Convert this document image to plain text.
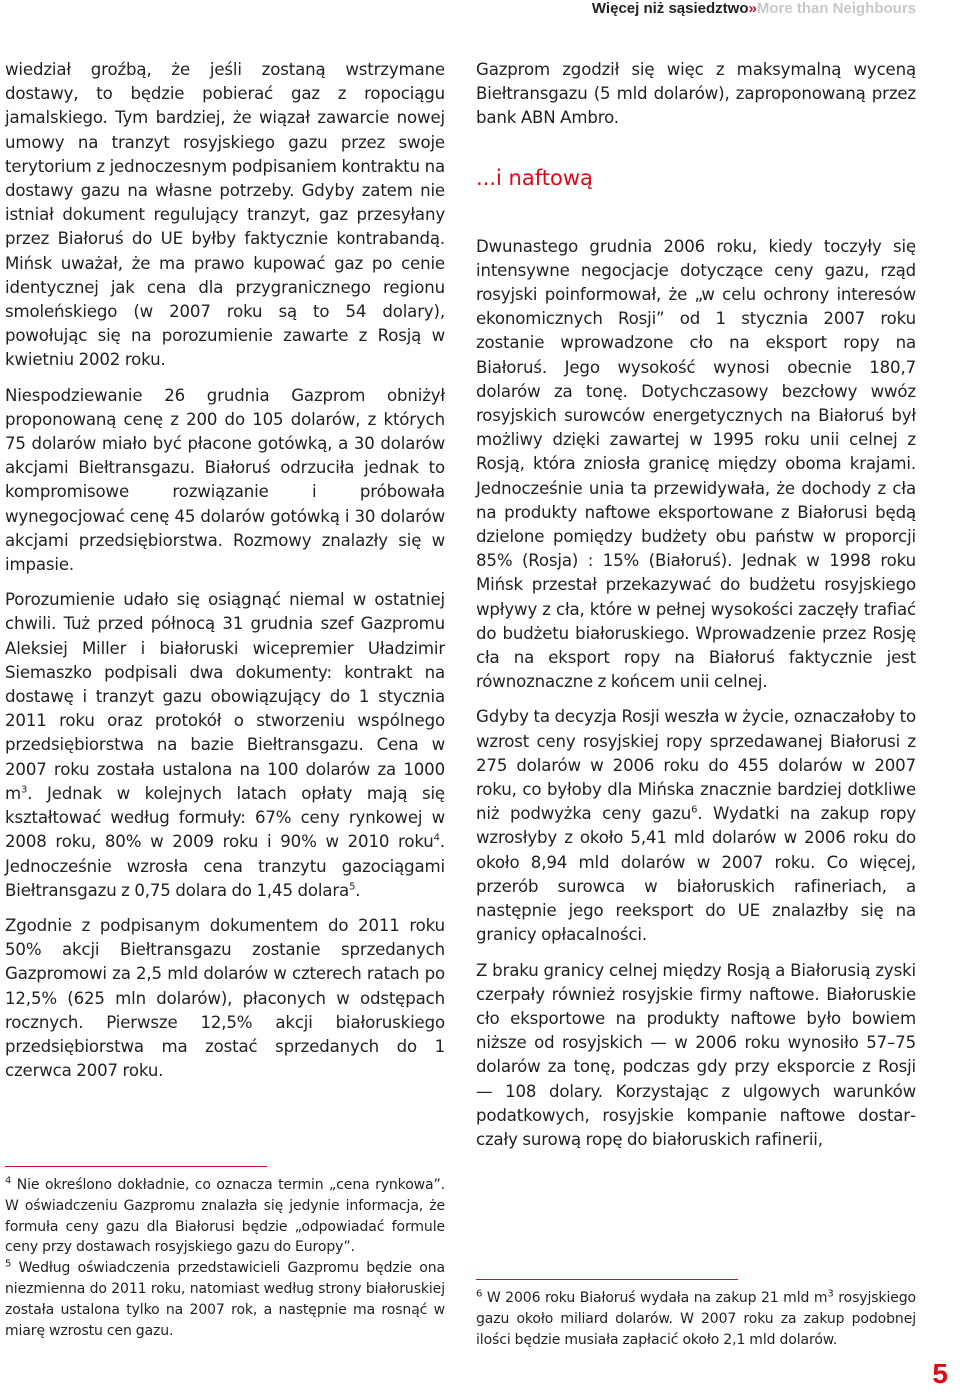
Więcej niż sąsiedztwo»More than Neighbours

wiedział groźbą, że jeśli zostaną wstrzymane dostawy, to będzie pobierać gaz z ropociągu jamalskiego. Tym bardziej, że wiązał zawarcie nowej umowy na tranzyt rosyjskiego gazu przez swoje terytorium z jednoczesnym podpisaniem kontraktu na dostawy gazu na własne potrzeby. Gdyby zatem nie istniał dokument regulujący tranzyt, gaz przesyłany przez Białoruś do UE byłby faktycznie kontrabandą. Mińsk uważał, że ma prawo kupować gaz po cenie identycznej jak cena dla przygranicznego regionu smoleńskiego (w 2007 roku są to 54 dolary), powołując się na porozumienie zawarte z Rosją w kwietniu 2002 roku.

Niespodziewanie 26 grudnia Gazprom obniżył proponowaną cenę z 200 do 105 dolarów, z których 75 dolarów miało być płacone gotówką, a 30 dolarów akcjami Biełtransgazu. Białoruś odrzuciła jednak to kompromisowe rozwiązanie i próbowała wynegocjować cenę 45 dolarów gotówką i 30 dolarów akcjami przedsiębiorstwa. Rozmowy znalazły się w impasie.

Porozumienie udało się osiągnąć niemal w ostatniej chwili. Tuż przed północą 31 grudnia szef Gazpromu Aleksiej Miller i białoruski wicepremier Uładzimir Siemaszko podpisali dwa dokumenty: kontrakt na dostawę i tranzyt gazu obowiązujący do 1 stycznia 2011 roku oraz protokół o stworzeniu wspólnego przedsiębiorstwa na bazie Biełtransgazu. Cena w 2007 roku została ustalona na 100 dolarów za 1000 $m^3$. Jednak w kolejnych latach opłaty mają się kształtować według formuły: 67% ceny rynkowej w 2008 roku, 80% w 2009 roku i 90% w 2010 roku$^4$. Jednocześnie wzrosła cena tranzytu gazociągami Biełtransgazu z 0,75 dolara do 1,45 dolara$^5$.

Zgodnie z podpisanym dokumentem do 2011 roku 50% akcji Biełtransgazu zostanie sprzedanych Gazpromowi za 2,5 mld dolarów w czterech ratach po 12,5% (625 mln dolarów), płaconych w odstępach rocznych. Pierwsze 12,5% akcji białoruskiego przedsiębiorstwa ma zostać sprzedanych do 1 czerwca 2007 roku.

$^4$ Nie określono dokładnie, co oznacza termin „cena rynkowa”. W oświadczeniu Gazpromu znalazła się jedynie informacja, że formuła ceny gazu dla Białorusi będzie „odpowiadać formule ceny przy dostawach rosyjskiego gazu do Europy”.

$^5$ Według oświadczenia przedstawicieli Gazpromu będzie ona niezmienna do 2011 roku, natomiast według strony białoruskiej została ustalona tylko na 2007 rok, a następnie ma rosnąć w miarę wzrostu cen gazu.

Gazprom zgodził się więc z maksymalną wyceną Biełtransgazu (5 mld dolarów), zaproponowaną przez bank ABN Ambro.

...i naftową

Dwunastego grudnia 2006 roku, kiedy toczyły się intensywne negocjacje dotyczące ceny gazu, rząd rosyjski poinformował, że „w celu ochrony interesów ekonomicznych Rosji” od 1 stycznia 2007 roku zostanie wprowadzone cło na eksport ropy na Białoruś. Jego wysokość wynosi obecnie 180,7 dolarów za tonę. Dotychczasowy bezcłowy wwóz rosyjskich surowców energetycznych na Białoruś był możliwy dzięki zawartej w 1995 roku unii celnej z Rosją, która zniosła granicę między oboma krajami. Jednocześnie unia ta przewidywała, że dochody z cła na produkty naftowe eksportowane z Białorusi będą dzielone pomiędzy budżety obu państw w proporcji 85% (Rosja) : 15% (Białoruś). Jednak w 1998 roku Mińsk przestał przekazywać do budżetu rosyjskiego wpływy z cła, które w pełnej wysokości zaczęły trafiać do budżetu białoruskiego. Wprowadzenie przez Rosję cła na eksport ropy na Białoruś faktycznie jest równoznaczne z końcem unii celnej.

Gdyby ta decyzja Rosji weszła w życie, oznaczałoby to wzrost ceny rosyjskiej ropy sprzedawanej Białorusi z 275 dolarów w 2006 roku do 455 dolarów w 2007 roku, co byłoby dla Mińska znacznie bardziej dotkliwe niż podwyżka ceny gazu$^6$. Wydatki na zakup ropy wzrosłyby z około 5,41 mld dolarów w 2006 roku do około 8,94 mld dolarów w 2007 roku. Co więcej, przerób surowca w białoruskich rafineriach, a następnie jego reeksport do UE znalazłby się na granicy opłacalności.

Z braku granicy celnej między Rosją a Białorusią zyski czerpały również rosyjskie firmy naftowe. Białoruskie cło eksportowe na produkty naftowe było bowiem niższe od rosyjskich — w 2006 roku wynosiło 57–75 dolarów za tonę, podczas gdy przy eksporcie z Rosji — 108 dolary. Korzystając z ulgowych warunków podatkowych, rosyjskie kompanie naftowe dostarczały surową ropę do białoruskich rafinerii,

$^6$ W 2006 roku Białoruś wydała na zakup 21 mld $m^3$ rosyjskiego gazu około miliard dolarów. W 2007 roku za zakup podobnej ilości będzie musiała zapłacić około 2,1 mld dolarów.

5
